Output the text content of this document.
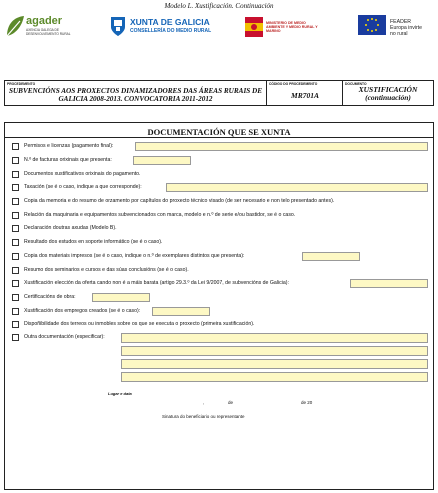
Modelo L. Xustificación. Continuación
agader
AXENCIA GALEGA DE DESENVOLVEMENTO RURAL
XUNTA DE GALICIA
CONSELLERÍA DO MEDIO RURAL
MINISTERIO DE MEDIO AMBIENTE Y MEDIO RURAL Y MARINO
FEADER
Europa invirte
no rural
PROCEDEMENTO
SUBVENCIÓNS AOS PROXECTOS DINAMIZADORES DAS ÁREAS RURAIS DE GALICIA 2008-2013. CONVOCATORIA 2011-2012
CÓDIGO DO PROCEDEMENTO
MR701A
DOCUMENTO
XUSTIFICACIÓN (continuación)
DOCUMENTACIÓN QUE SE XUNTA
Permisos e licenzas (pagamento final):
N.º de facturas orixinais que presenta:
Documentos xustificativos orixinais do pagamento.
Taxación (se é o caso, indique a que corresponde):
Copia da memoria e do resumo de orzamento por capítulos do proxecto técnico visado (de ser necesario e non telo presentado antes).
Relación da maquinaria e equipamentos subvencionados con marca, modelo e n.º de serie e/ou bastidor, se é o caso.
Declaración doutras axudas (Modelo B).
Resultado dos estudos en soporte informático (se é o caso).
Copia dos materiais impresos (se é o caso, indique o n.º de exemplares distintos que presenta):
Resumo dos seminarios e cursos e das súas conclusións (se é o caso).
Xustificación elección da oferta cando non é a máis barata (artigo 29.3.º da Lei 9/2007, de subvencións de Galicia):
Certificacións de obra:
Xustificación dos empregos creados (se é o caso):
Dispoñibilidade dos terreos ou inmobles sobre os que se executa o proxecto (primeira xustificación).
Outra documentación (especificar):
Lugar e data
,	de	de 20
Sinatura do beneficiario ou representante
